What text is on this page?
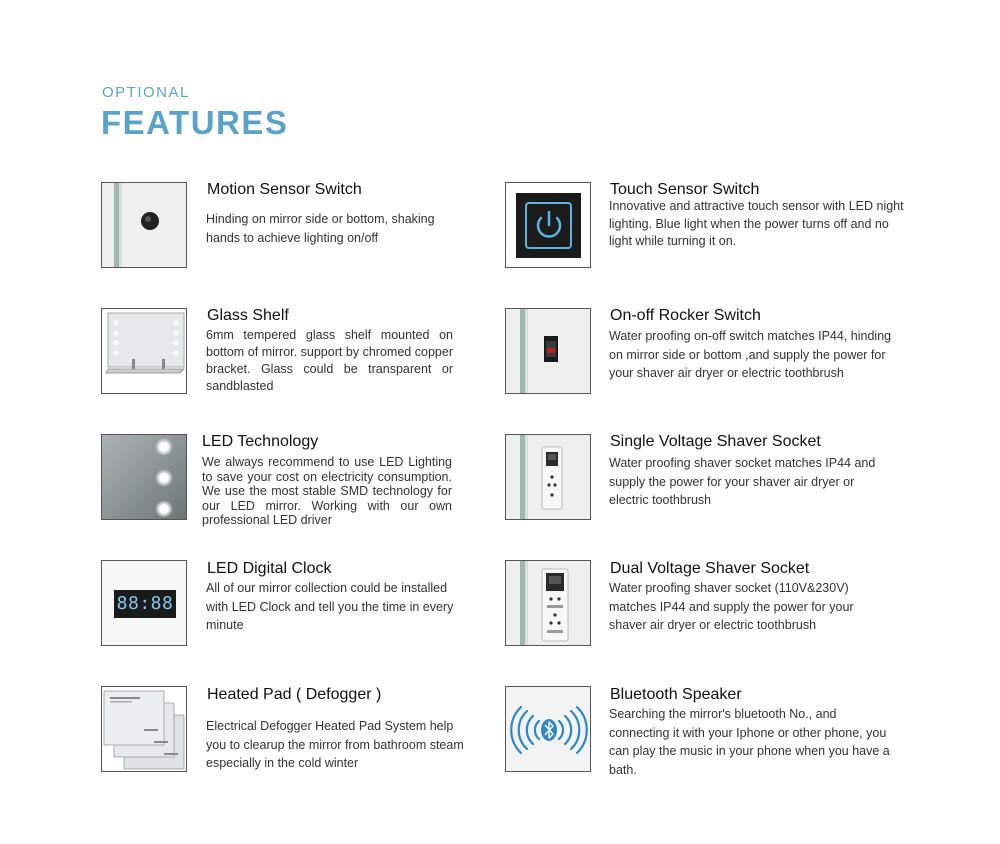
OPTIONAL
FEATURES
Motion Sensor Switch
Hinding on mirror side or bottom, shaking hands to achieve lighting on/off
Touch Sensor Switch
Innovative and attractive touch sensor with LED night lighting. Blue light when the power turns off and no light while turning it on.
Glass Shelf
6mm tempered glass shelf mounted on bottom of mirror. support by chromed copper bracket. Glass could be transparent or sandblasted
On-off Rocker Switch
Water proofing on-off switch matches IP44, hinding on mirror side or bottom ,and supply the power for your shaver air dryer or electric toothbrush
LED Technology
We always recommend to use LED Lighting to save your cost on electricity consumption. We use the most stable SMD technology for our LED mirror. Working with our own professional LED driver
Single Voltage Shaver Socket
Water proofing shaver socket matches IP44 and supply the power for your shaver air dryer or electric toothbrush
88:88
LED Digital Clock
All of our mirror collection could be installed with LED Clock and tell you the time in every minute
Dual Voltage Shaver Socket
Water proofing shaver socket (110V&230V) matches IP44 and supply the power for your shaver air dryer or electric toothbrush
Heated Pad ( Defogger )
Electrical Defogger Heated Pad System help you to clearup the mirror from bathroom steam especially in the cold winter
Bluetooth Speaker
Searching the mirror's bluetooth No., and connecting it with your Iphone or other phone, you can play the music in your phone when you have a bath.
